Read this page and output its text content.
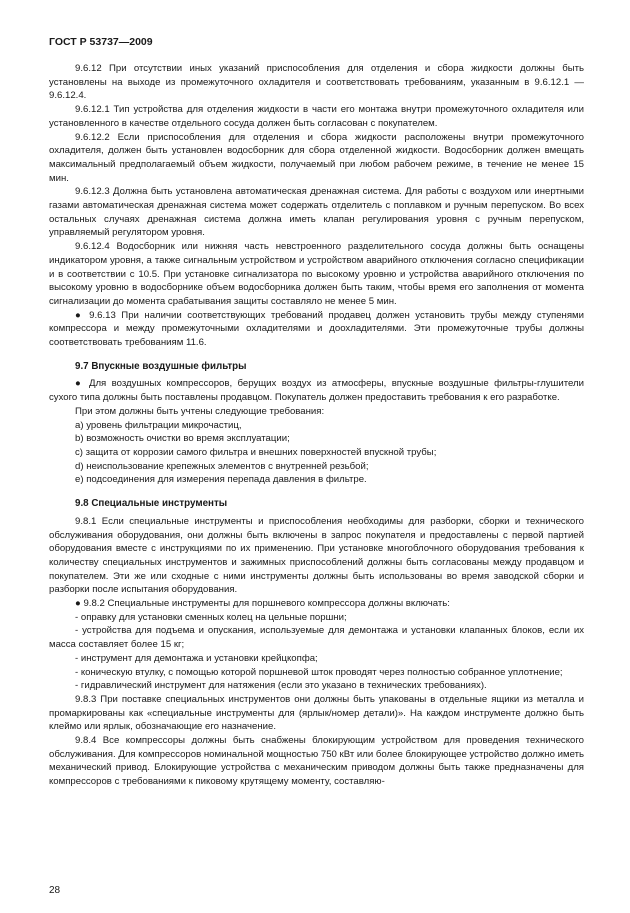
ГОСТ Р 53737—2009

9.6.12 При отсутствии иных указаний приспособления для отделения и сбора жидкости должны быть установлены на выходе из промежуточного охладителя и соответствовать требованиям, указанным в 9.6.12.1 — 9.6.12.4.

9.6.12.1 Тип устройства для отделения жидкости в части его монтажа внутри промежуточного охладителя или установленного в качестве отдельного сосуда должен быть согласован с покупателем.

9.6.12.2 Если приспособления для отделения и сбора жидкости расположены внутри промежуточного охладителя, должен быть установлен водосборник для сбора отделенной жидкости. Водосборник должен вмещать максимальный предполагаемый объем жидкости, получаемый при любом рабочем режиме, в течение не менее 15 мин.

9.6.12.3 Должна быть установлена автоматическая дренажная система. Для работы с воздухом или инертными газами автоматическая дренажная система может содержать отделитель с поплавком и ручным перепуском. Во всех остальных случаях дренажная система должна иметь клапан регулирования уровня с ручным перепуском, управляемый регулятором уровня.

9.6.12.4 Водосборник или нижняя часть невстроенного разделительного сосуда должны быть оснащены индикатором уровня, а также сигнальным устройством и устройством аварийного отключения согласно спецификации и в соответствии с 10.5. При установке сигнализатора по высокому уровню и устройства аварийного отключения по высокому уровню в водосборнике объем водосборника должен быть таким, чтобы время его заполнения от момента сигнализации до момента срабатывания защиты составляло не менее 5 мин.

● 9.6.13 При наличии соответствующих требований продавец должен установить трубы между ступенями компрессора и между промежуточными охладителями и доохладителями. Эти промежуточные трубы должны соответствовать требованиям 11.6.

9.7 Впускные воздушные фильтры

● Для воздушных компрессоров, берущих воздух из атмосферы, впускные воздушные фильтры-глушители сухого типа должны быть поставлены продавцом. Покупатель должен предоставить требования к его разработке.

При этом должны быть учтены следующие требования:

a) уровень фильтрации микрочастиц,

b) возможность очистки во время эксплуатации;

c) защита от коррозии самого фильтра и внешних поверхностей впускной трубы;

d) неиспользование крепежных элементов с внутренней резьбой;

e) подсоединения для измерения перепада давления в фильтре.

9.8 Специальные инструменты

9.8.1 Если специальные инструменты и приспособления необходимы для разборки, сборки и технического обслуживания оборудования, они должны быть включены в запрос покупателя и предоставлены с первой партией оборудования вместе с инструкциями по их применению. При установке многоблочного оборудования требования к количеству специальных инструментов и зажимных приспособлений должны быть согласованы между продавцом и покупателем. Эти же или сходные с ними инструменты должны быть использованы во время заводской сборки и разборки после испытания оборудования.

● 9.8.2 Специальные инструменты для поршневого компрессора должны включать:

- оправку для установки сменных колец на цельные поршни;

- устройства для подъема и опускания, используемые для демонтажа и установки клапанных блоков, если их масса составляет более 15 кг;

- инструмент для демонтажа и установки крейцкопфа;

- коническую втулку, с помощью которой поршневой шток проводят через полностью собранное уплотнение;

- гидравлический инструмент для натяжения (если это указано в технических требованиях).

9.8.3 При поставке специальных инструментов они должны быть упакованы в отдельные ящики из металла и промаркированы как «специальные инструменты для (ярлык/номер детали)». На каждом инструменте должно быть клеймо или ярлык, обозначающие его назначение.

9.8.4 Все компрессоры должны быть снабжены блокирующим устройством для проведения технического обслуживания. Для компрессоров номинальной мощностью 750 кВт или более блокирующее устройство должно иметь механический привод. Блокирующие устройства с механическим приводом должны быть также предназначены для компрессоров с требованиями к пиковому крутящему моменту, составляю-

28
